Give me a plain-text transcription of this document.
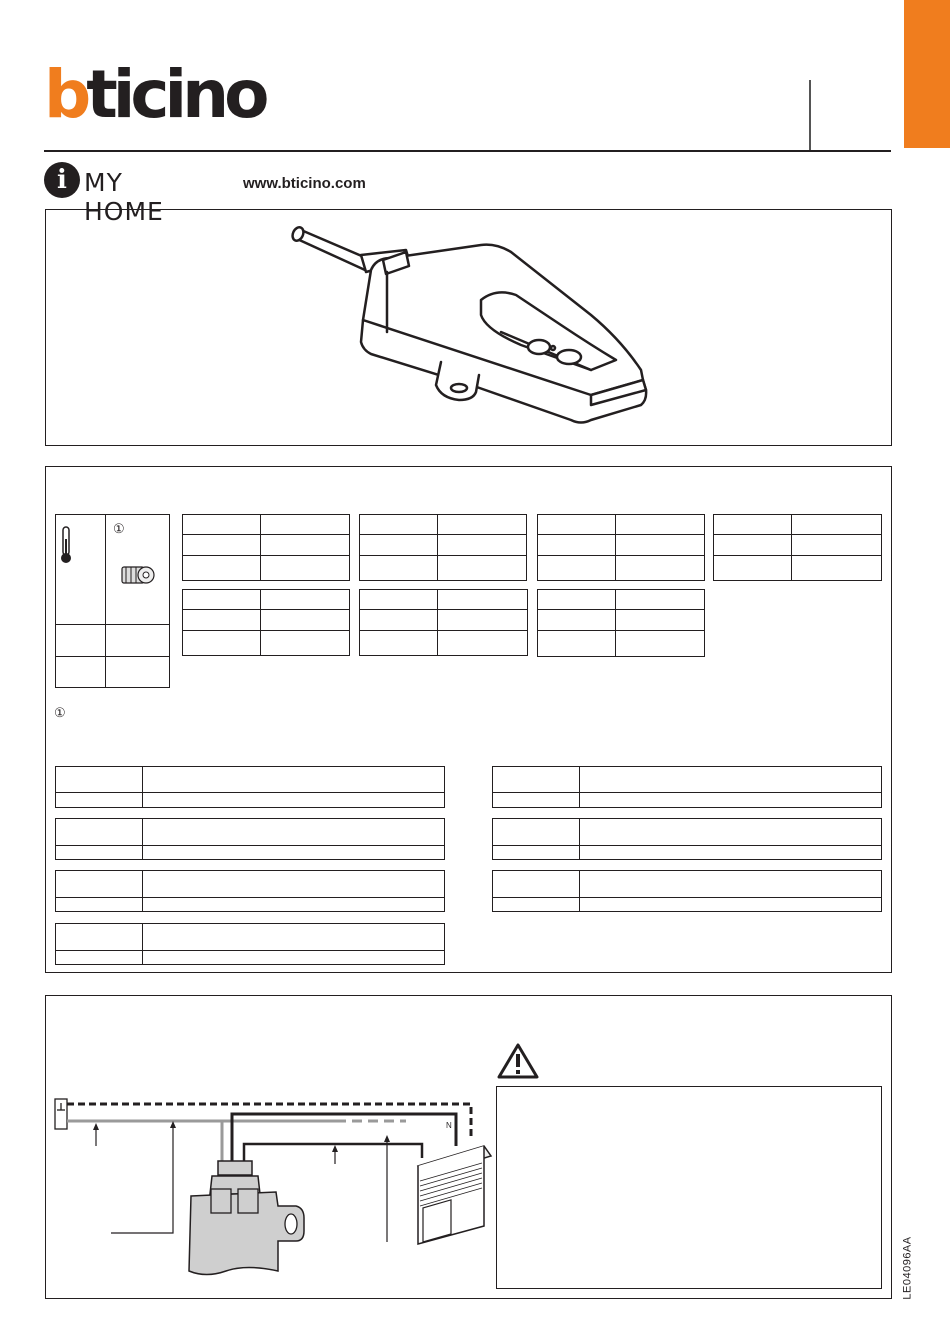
bticino
i MY HOME
www.bticino.com
①
①
N
LE04096AA
